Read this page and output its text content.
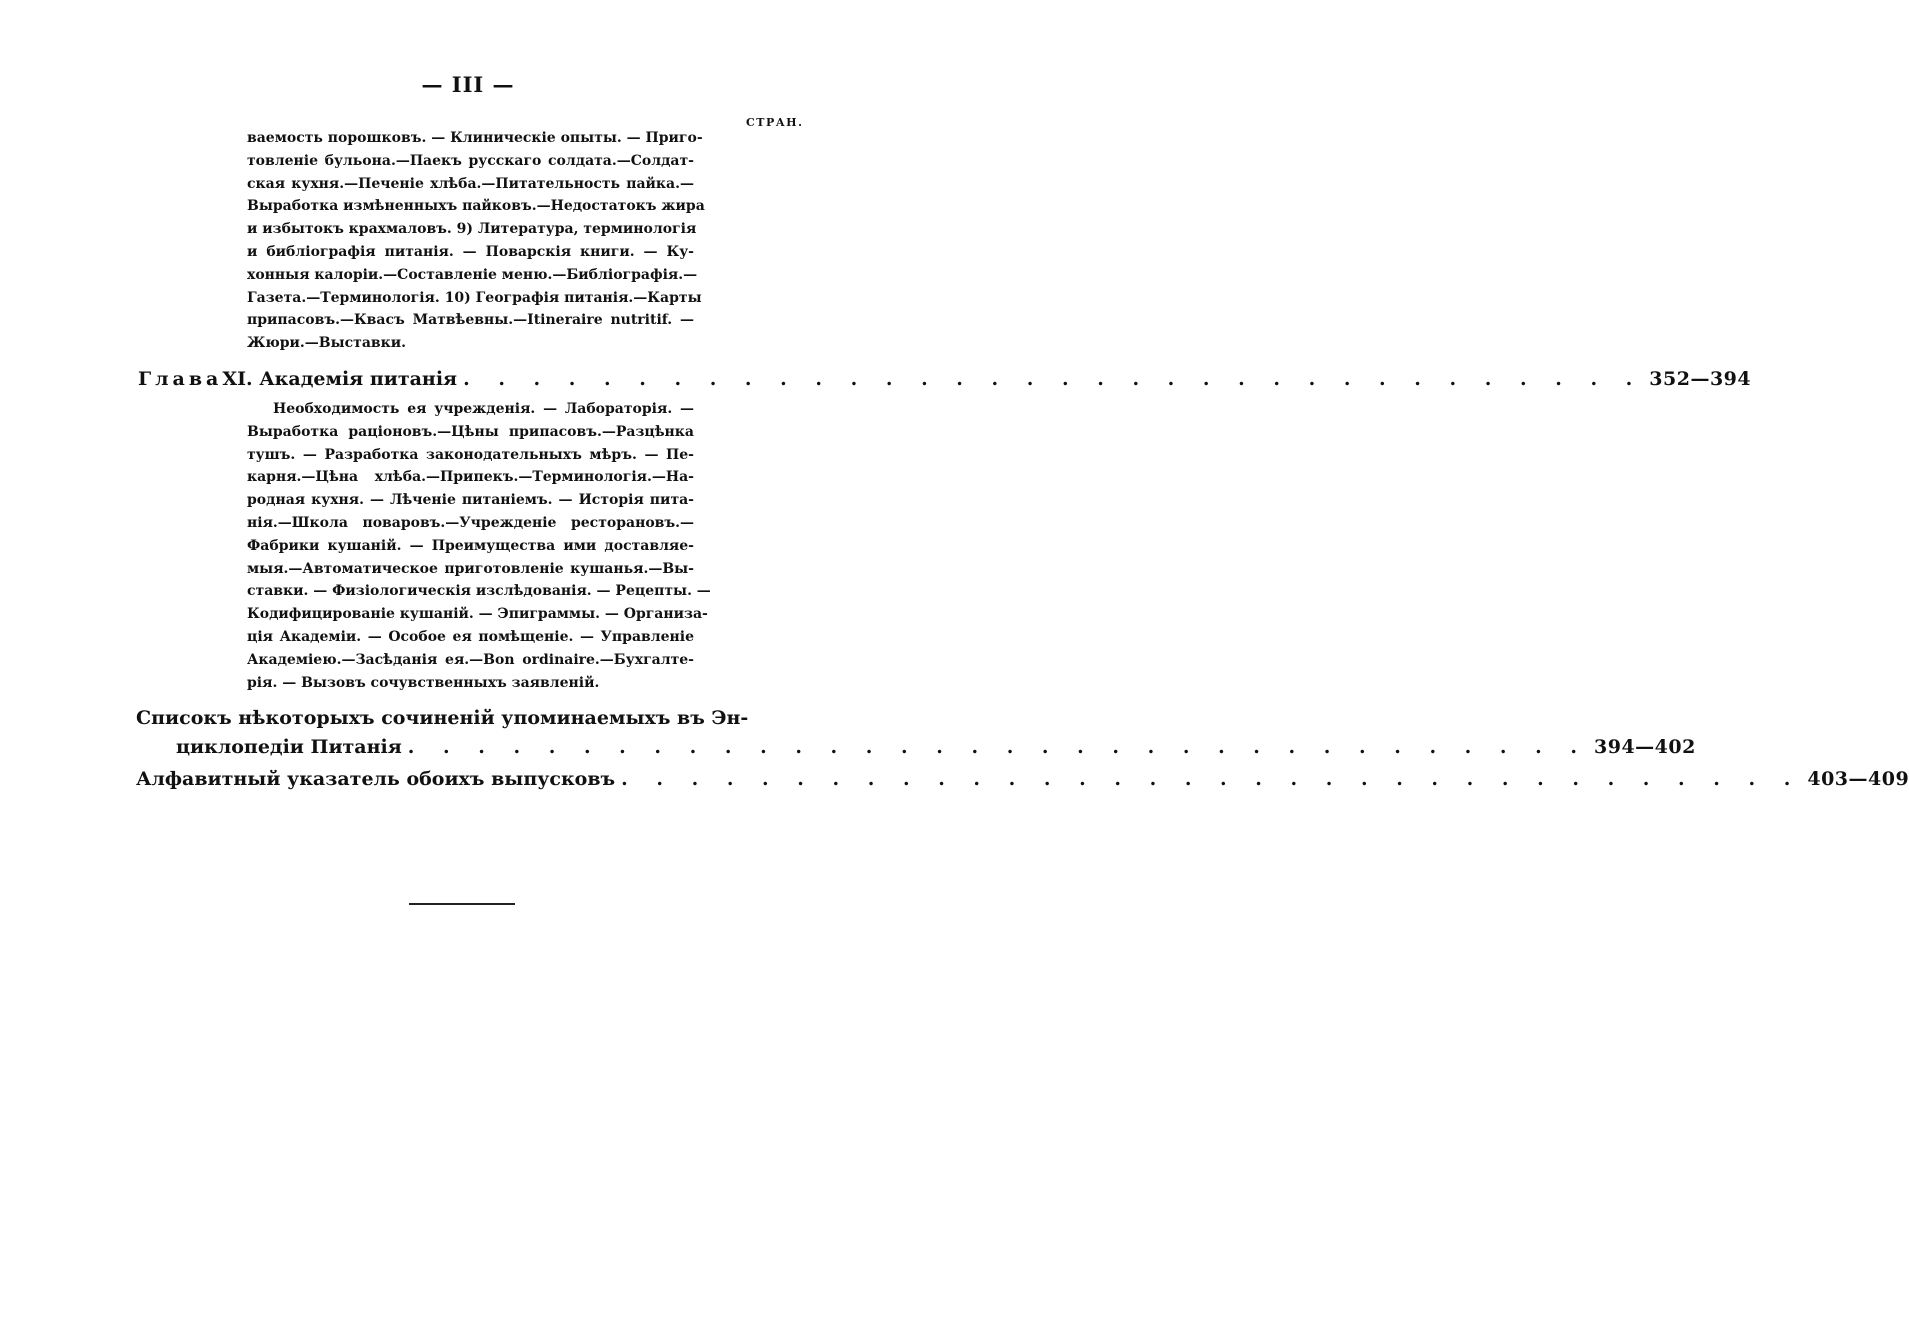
— III —
СТРАН.
ваемость порошковъ. — Клиническіе опыты. — Приго-
товленіе бульона.—Паекъ русскаго солдата.—Солдат-
ская кухня.—Печеніе хлѣба.—Питательность пайка.—
Выработка измѣненныхъ пайковъ.—Недостатокъ жира
и избытокъ крахмаловъ. 9) Литература, терминологія
и библіографія питанія. — Поварскія книги. — Ку-
хонныя калоріи.—Составленіе меню.—Библіографія.—
Газета.—Терминологія. 10) Географія питанія.—Карты
припасовъ.—Квасъ Матвѣевны.—Itineraire nutritif. —
Жюри.—Выставки.
Глава XI. Академія питанія . . . . . . . . . . . . . . . . . . . . . . . . . . . . . . . . . . 352—394
Необходимость ея учрежденія. — Лабораторія. —
Выработка раціоновъ.—Цѣны припасовъ.—Разцѣнка
тушъ. — Разработка законодательныхъ мѣръ. — Пе-
карня.—Цѣна хлѣба.—Припекъ.—Терминологія.—На-
родная кухня. — Лѣченіе питаніемъ. — Исторія пита-
нія.—Школа поваровъ.—Учрежденіе ресторановъ.—
Фабрики кушаній. — Преимущества ими доставляе-
мыя.—Автоматическое приготовленіе кушанья.—Вы-
ставки. — Физіологическія изслѣдованія. — Рецепты. —
Кодифицированіе кушаній. — Эпиграммы. — Организа-
ція Академіи. — Особое ея помѣщеніе. — Управленіе
Академіею.—Засѣданія ея.—Bon ordinaire.—Бухгалте-
рія. — Вызовъ сочувственныхъ заявленій.
Списокъ нѣкоторыхъ сочиненій упоминаемыхъ въ Эн-
циклопедіи Питанія . . . . . . . . . . . . . . . . . . . . . . . . . . . . . . . . . . 394—402
Алфавитный указатель обоихъ выпусковъ . . . . . . . . . . . . . . . . . . . . . . . . . . . . . . . . . . 403—409
